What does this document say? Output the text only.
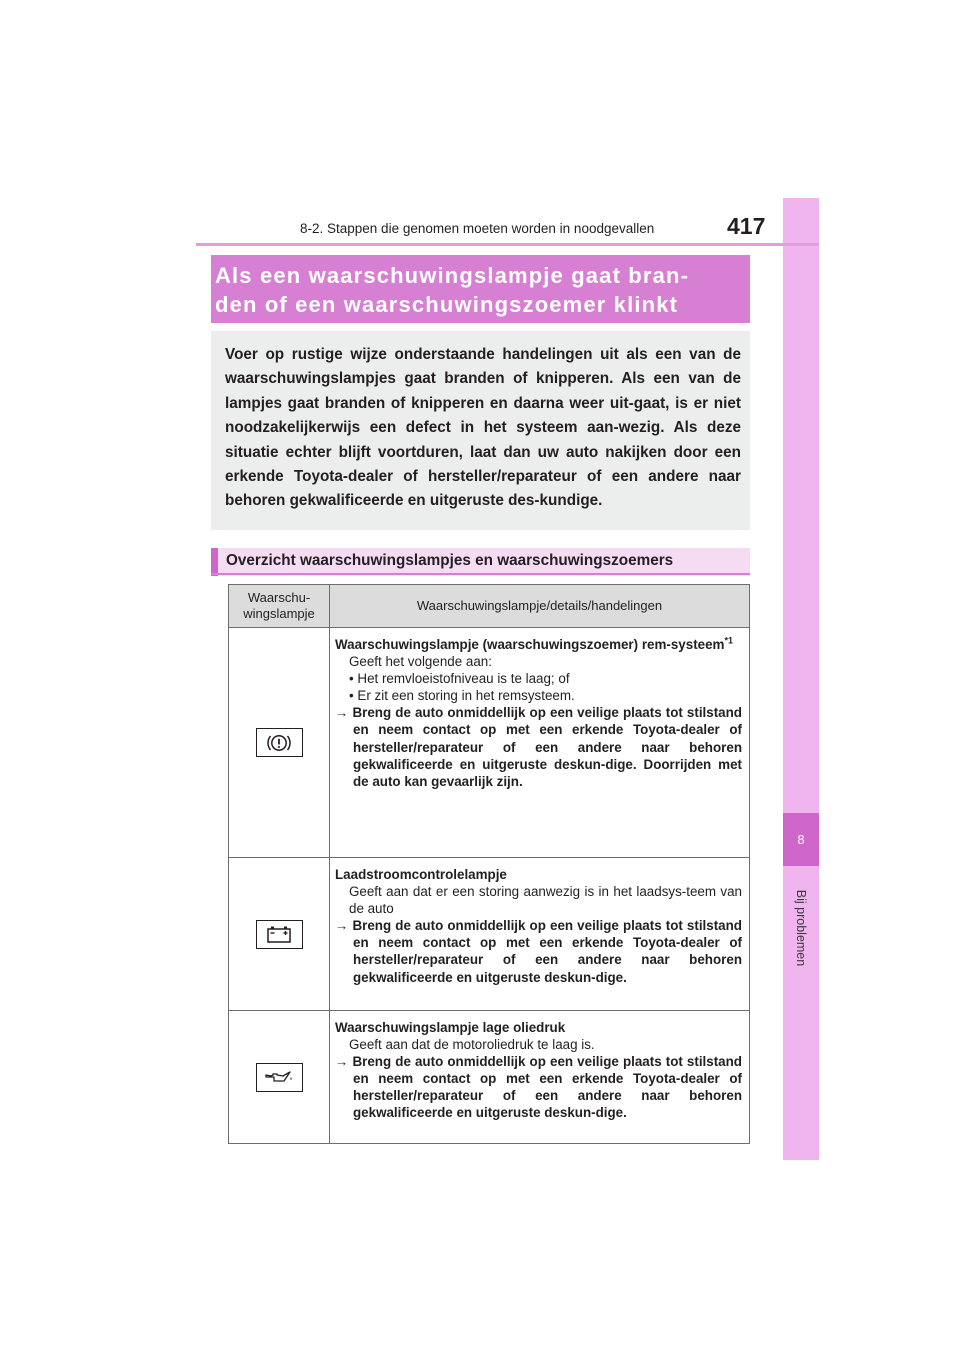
8
Bij problemen
8-2. Stappen die genomen moeten worden in noodgevallen	417
Als een waarschuwingslampje gaat bran-
den of een waarschuwingszoemer klinkt
Voer op rustige wijze onderstaande handelingen uit als een van de waarschuwingslampjes gaat branden of knipperen. Als een van de lampjes gaat branden of knipperen en daarna weer uit-gaat, is er niet noodzakelijkerwijs een defect in het systeem aan-wezig. Als deze situatie echter blijft voortduren, laat dan uw auto nakijken door een erkende Toyota-dealer of hersteller/reparateur of een andere naar behoren gekwalificeerde en uitgeruste des-kundige.
Overzicht waarschuwingslampjes en waarschuwingszoemers
Waarschu-
wingslampje	Waarschuwingslampje/details/handelingen

Waarschuwingslampje (waarschuwingszoemer) rem-systeem$^{*1}$
Geeft het volgende aan:
• Het remvloeistofniveau is te laag; of
• Er zit een storing in het remsysteem.
→ Breng de auto onmiddellijk op een veilige plaats tot stilstand en neem contact op met een erkende Toyota-dealer of hersteller/reparateur of een andere naar behoren gekwalificeerde en uitgeruste deskun-dige. Doorrijden met de auto kan gevaarlijk zijn.

Laadstroomcontrolelampje
Geeft aan dat er een storing aanwezig is in het laadsys-teem van de auto
→ Breng de auto onmiddellijk op een veilige plaats tot stilstand en neem contact op met een erkende Toyota-dealer of hersteller/reparateur of een andere naar behoren gekwalificeerde en uitgeruste deskun-dige.

Waarschuwingslampje lage oliedruk
Geeft aan dat de motoroliedruk te laag is.
→ Breng de auto onmiddellijk op een veilige plaats tot stilstand en neem contact op met een erkende Toyota-dealer of hersteller/reparateur of een andere naar behoren gekwalificeerde en uitgeruste deskun-dige.
